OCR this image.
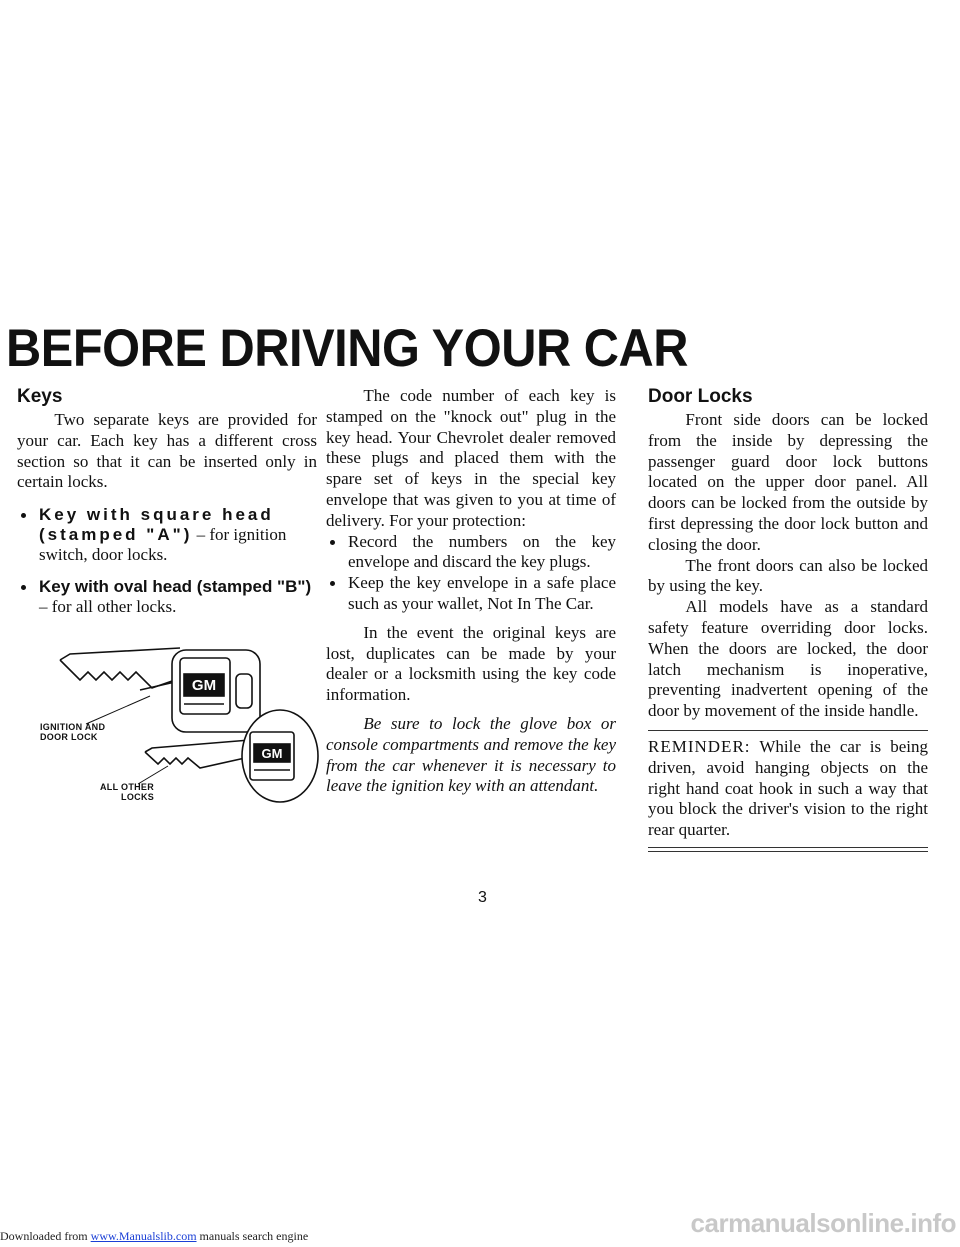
BEFORE DRIVING YOUR CAR
Keys

Two separate keys are provided for your car. Each key has a different cross section so that it can be inserted only in certain locks.

Key with square head (stamped "A") – for ignition switch, door locks.
Key with oval head (stamped "B") – for all other locks.
GM
GM
IGNITION AND
DOOR LOCK
ALL OTHER
LOCKS

The code number of each key is stamped on the "knock out" plug in the key head. Your Chevrolet dealer removed these plugs and placed them with the spare set of keys in the special key envelope that was given to you at time of delivery. For your protection:

Record the numbers on the key envelope and discard the key plugs.

Keep the key envelope in a safe place such as your wallet, Not In The Car.

In the event the original keys are lost, duplicates can be made by your dealer or a locksmith using the key code information.

Be sure to lock the glove box or console compartments and remove the key from the car whenever it is necessary to leave the ignition key with an attendant.

Door Locks

Front side doors can be locked from the inside by depressing the passenger guard door lock buttons located on the upper door panel. All doors can be locked from the outside by first depressing the door lock button and closing the door.

The front doors can also be locked by using the key.

All models have as a standard safety feature overriding door locks. When the doors are locked, the door latch mechanism is inoperative, preventing inadvertent opening of the door by movement of the inside handle.

REMINDER: While the car is being driven, avoid hanging objects on the right hand coat hook in such a way that you block the driver's vision to the right rear quarter.

3

Downloaded from www.Manualslib.com manuals search engine	carmanualsonline.info
